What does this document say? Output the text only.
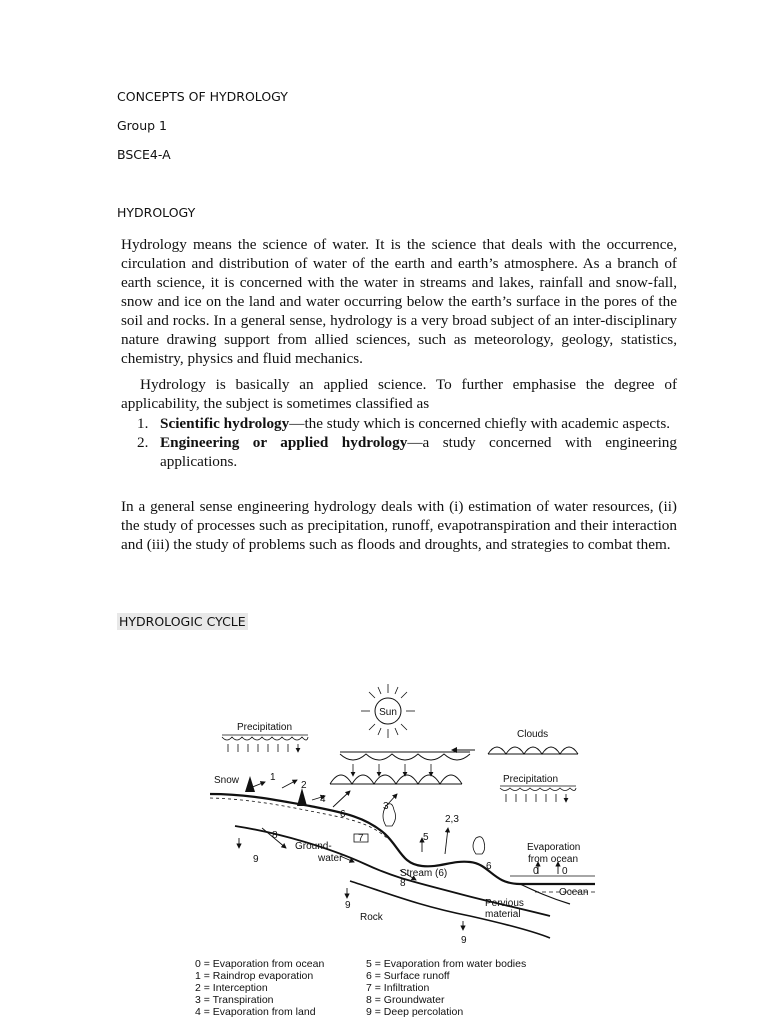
CONCEPTS OF HYDROLOGY
Group 1
BSCE4-A
HYDROLOGY

Hydrology means the science of water. It is the science that deals with the occurrence, circulation and distribution of water of the earth and earth’s atmosphere. As a branch of earth science, it is concerned with the water in streams and lakes, rainfall and snow-fall, snow and ice on the land and water occurring below the earth’s surface in the pores of the soil and rocks. In a general sense, hydrology is a very broad subject of an inter-disciplinary nature drawing support from allied sciences, such as meteorology, geology, statistics, chemistry, physics and fluid mechanics.

Hydrology is basically an applied science. To further emphasise the degree of applicability, the subject is sometimes classified as

1. Scientific hydrology—the study which is concerned chiefly with academic aspects.
2. Engineering or applied hydrology—a study concerned with engineering applications.

In a general sense engineering hydrology deals with (i) estimation of water resources, (ii) the study of processes such as precipitation, runoff, evapotranspiration and their interaction and (iii) the study of problems such as floods and droughts, and strategies to combat them.

HYDROLOGIC CYCLE
Sun
Precipitation
Clouds
Precipitation
Snow	1
2
4
6
3
2,3
8	7	5
Ground-
water
9
Stream (6)
8
6
Evaporation
from ocean
0 0
Ocean
Pervious
material
9
Rock
9
0 = Evaporation from ocean
1 = Raindrop evaporation
2 = Interception
3 = Transpiration
4 = Evaporation from land
5 = Evaporation from water bodies
6 = Surface runoff
7 = Infiltration
8 = Groundwater
9 = Deep percolation
